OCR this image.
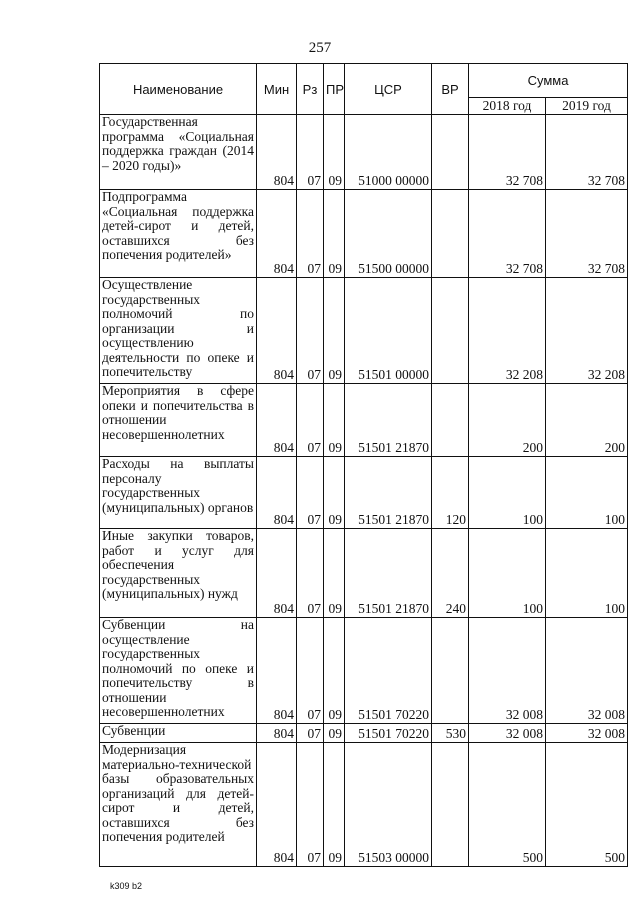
257
Наименование	Мин	Рз	ПР	ЦСР	ВР	Сумма	
						2018 год	2019 год
Государственная программа «Социальная поддержка граждан (2014 – 2020 годы)»	804	07	09	51000 00000		32 708	32 708
Подпрограмма «Социальная поддержка детей-сирот и детей, оставшихся без попечения родителей»	804	07	09	51500 00000		32 708	32 708
Осуществление государственных полномочий по организации и осуществлению деятельности по опеке и попечительству	804	07	09	51501 00000		32 208	32 208
Мероприятия в сфере опеки и попечительства в отношении несовершеннолетних	804	07	09	51501 21870		200	200
Расходы на выплаты персоналу государственных (муниципальных) органов	804	07	09	51501 21870	120	100	100
Иные закупки товаров, работ и услуг для обеспечения государственных (муниципальных) нужд	804	07	09	51501 21870	240	100	100
Субвенции на осуществление государственных полномочий по опеке и попечительству в отношении несовершеннолетних	804	07	09	51501 70220		32 008	32 008
Субвенции	804	07	09	51501 70220	530	32 008	32 008
Модернизация материально-технической базы образовательных организаций для детей-сирот и детей, оставшихся без попечения родителей	804	07	09	51503 00000		500	500
k309 b2
